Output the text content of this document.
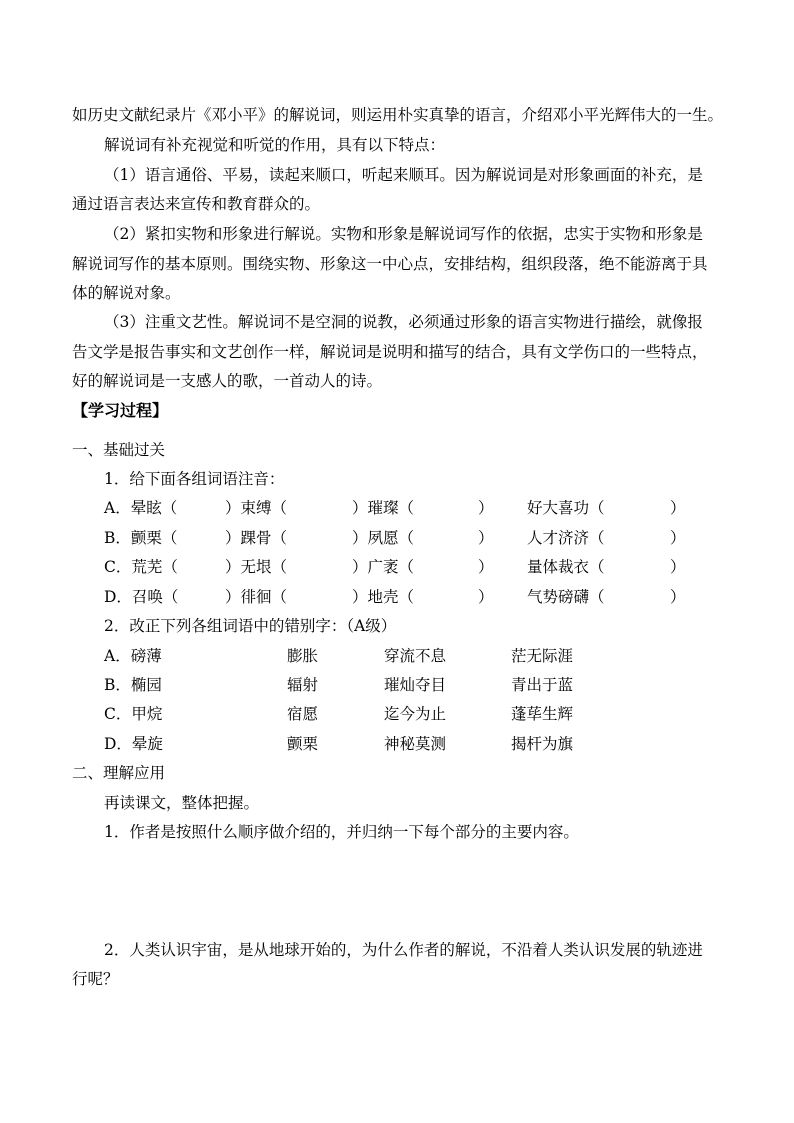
如历史文献纪录片《邓小平》的解说词，则运用朴实真挚的语言，介绍邓小平光辉伟大的一生。
解说词有补充视觉和听觉的作用，具有以下特点：
（1）语言通俗、平易，读起来顺口，听起来顺耳。因为解说词是对形象画面的补充，是
通过语言表达来宣传和教育群众的。
（2）紧扣实物和形象进行解说。实物和形象是解说词写作的依据，忠实于实物和形象是
解说词写作的基本原则。围绕实物、形象这一中心点，安排结构，组织段落，绝不能游离于具
体的解说对象。
（3）注重文艺性。解说词不是空洞的说教，必须通过形象的语言实物进行描绘，就像报
告文学是报告事实和文艺创作一样，解说词是说明和描写的结合，具有文学伤口的一些特点，
好的解说词是一支感人的歌，一首动人的诗。
【学习过程】
一、基础过关
1．给下面各组词语注音：
A．晕眩（	）束缚（	）璀璨（	） 好大喜功（	）
B．颤栗（	）踝骨（	）夙愿（	） 人才济济（	）
C．荒芜（	）无垠（	）广袤（	） 量体裁衣（	）
D．召唤（	）徘徊（	）地壳（	） 气势磅礴（	）
2．改正下列各组词语中的错别字：（A级）
A．磅薄	膨胀	穿流不息	茫无际涯
B．椭园	辐射	璀灿夺目	青出于蓝
C．甲烷	宿愿	迄今为止	蓬荜生辉
D．晕旋	颤栗	神秘莫测	揭杆为旗
二、理解应用
再读课文，整体把握。
1．作者是按照什么顺序做介绍的，并归纳一下每个部分的主要内容。
2．人类认识宇宙，是从地球开始的，为什么作者的解说，不沿着人类认识发展的轨迹进
行呢？
